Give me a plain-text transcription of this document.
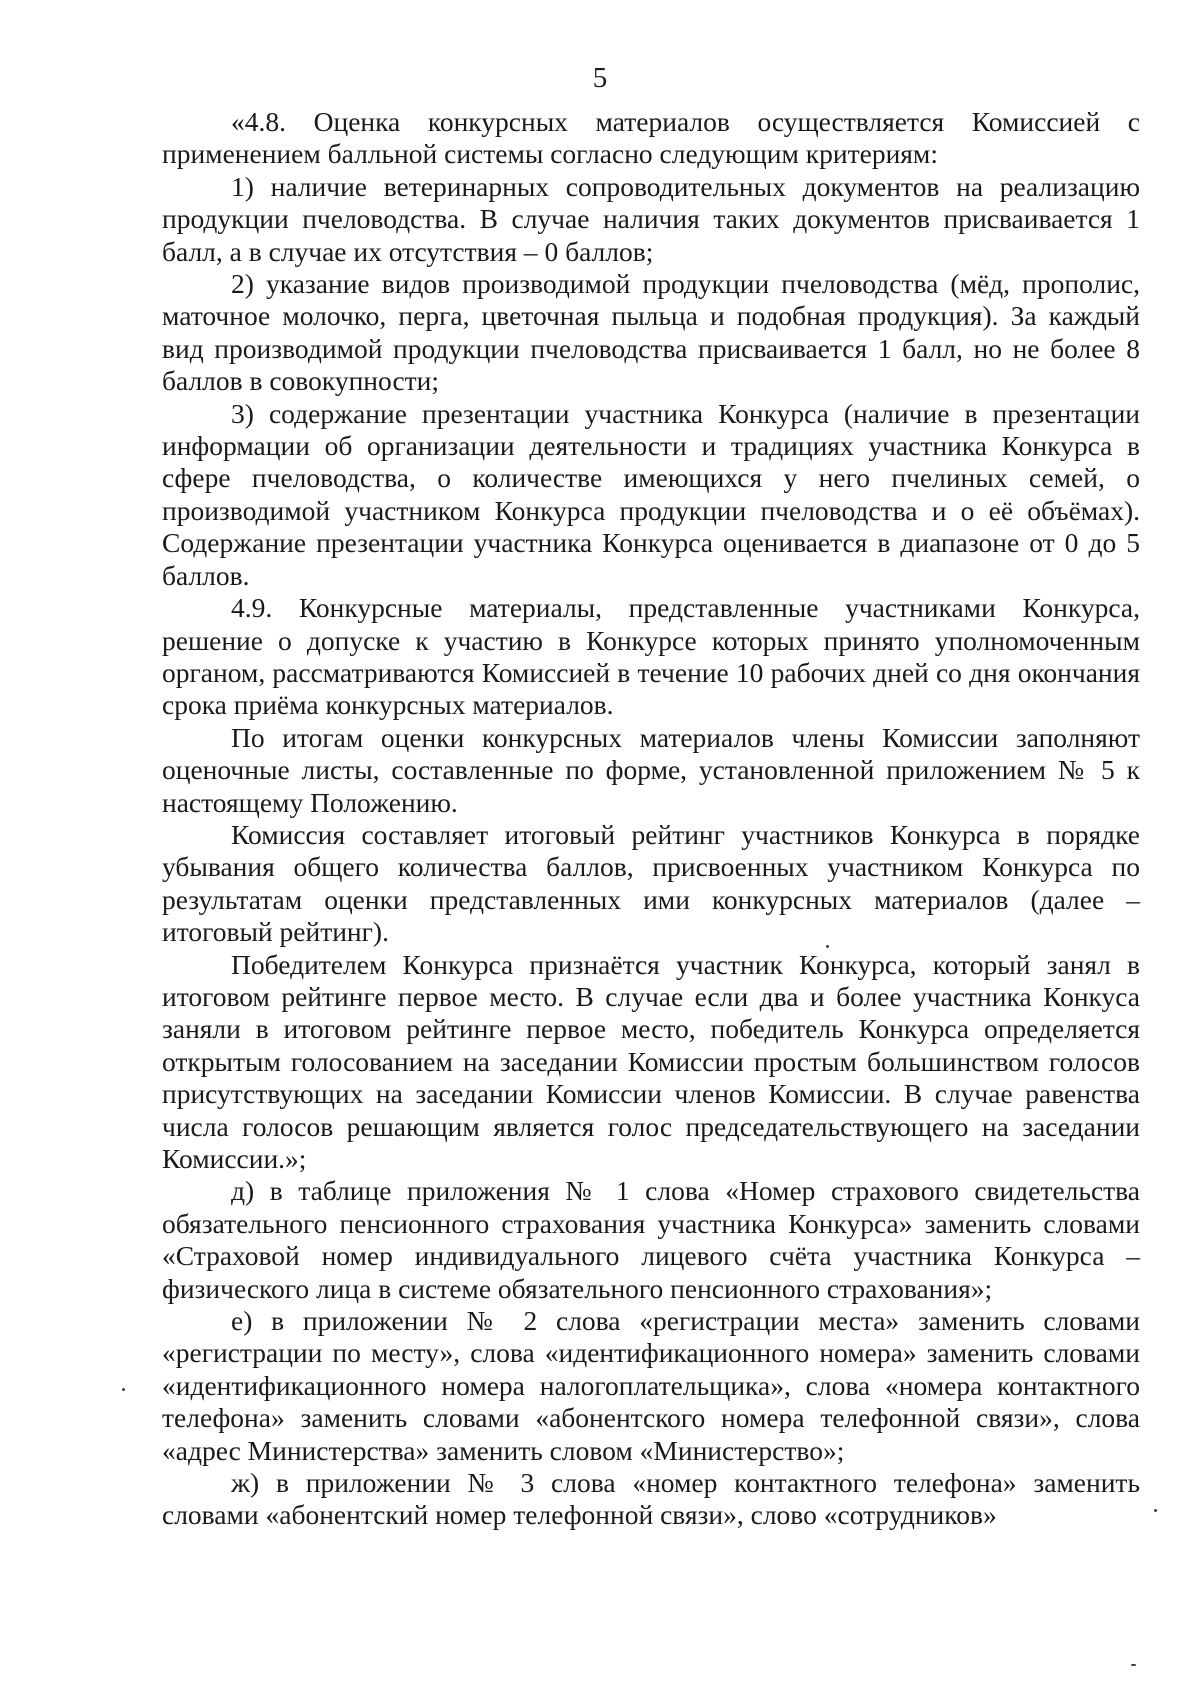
5

«4.8. Оценка конкурсных материалов осуществляется Комиссией с применением балльной системы согласно следующим критериям:

1) наличие ветеринарных сопроводительных документов на реализацию продукции пчеловодства. В случае наличия таких документов присваивается 1 балл, а в случае их отсутствия – 0 баллов;

2) указание видов производимой продукции пчеловодства (мёд, прополис, маточное молочко, перга, цветочная пыльца и подобная продукция). За каждый вид производимой продукции пчеловодства присваивается 1 балл, но не более 8 баллов в совокупности;

3) содержание презентации участника Конкурса (наличие в презентации информации об организации деятельности и традициях участника Конкурса в сфере пчеловодства, о количестве имеющихся у него пчелиных семей, о производимой участником Конкурса продукции пчеловодства и о её объёмах). Содержание презентации участника Конкурса оценивается в диапазоне от 0 до 5 баллов.

4.9. Конкурсные материалы, представленные участниками Конкурса, решение о допуске к участию в Конкурсе которых принято уполномоченным органом, рассматриваются Комиссией в течение 10 рабочих дней со дня окончания срока приёма конкурсных материалов.

По итогам оценки конкурсных материалов члены Комиссии заполняют оценочные листы, составленные по форме, установленной приложением № 5 к настоящему Положению.

Комиссия составляет итоговый рейтинг участников Конкурса в порядке убывания общего количества баллов, присвоенных участником Конкурса по результатам оценки представленных ими конкурсных материалов (далее – итоговый рейтинг).

Победителем Конкурса признаётся участник Конкурса, который занял в итоговом рейтинге первое место. В случае если два и более участника Конкуса заняли в итоговом рейтинге первое место, победитель Конкурса определяется открытым голосованием на заседании Комиссии простым большинством голосов присутствующих на заседании Комиссии членов Комиссии. В случае равенства числа голосов решающим является голос председательствующего на заседании Комиссии.»;

д) в таблице приложения № 1 слова «Номер страхового свидетельства обязательного пенсионного страхования участника Конкурса» заменить словами «Страховой номер индивидуального лицевого счёта участника Конкурса – физического лица в системе обязательного пенсионного страхования»;

е) в приложении № 2 слова «регистрации места» заменить словами «регистрации по месту», слова «идентификационного номера» заменить словами «идентификационного номера налогоплательщика», слова «номера контактного телефона» заменить словами «абонентского номера телефонной связи», слова «адрес Министерства» заменить словом «Министерство»;

ж) в приложении № 3 слова «номер контактного телефона» заменить словами «абонентский номер телефонной связи», слово «сотрудников»
